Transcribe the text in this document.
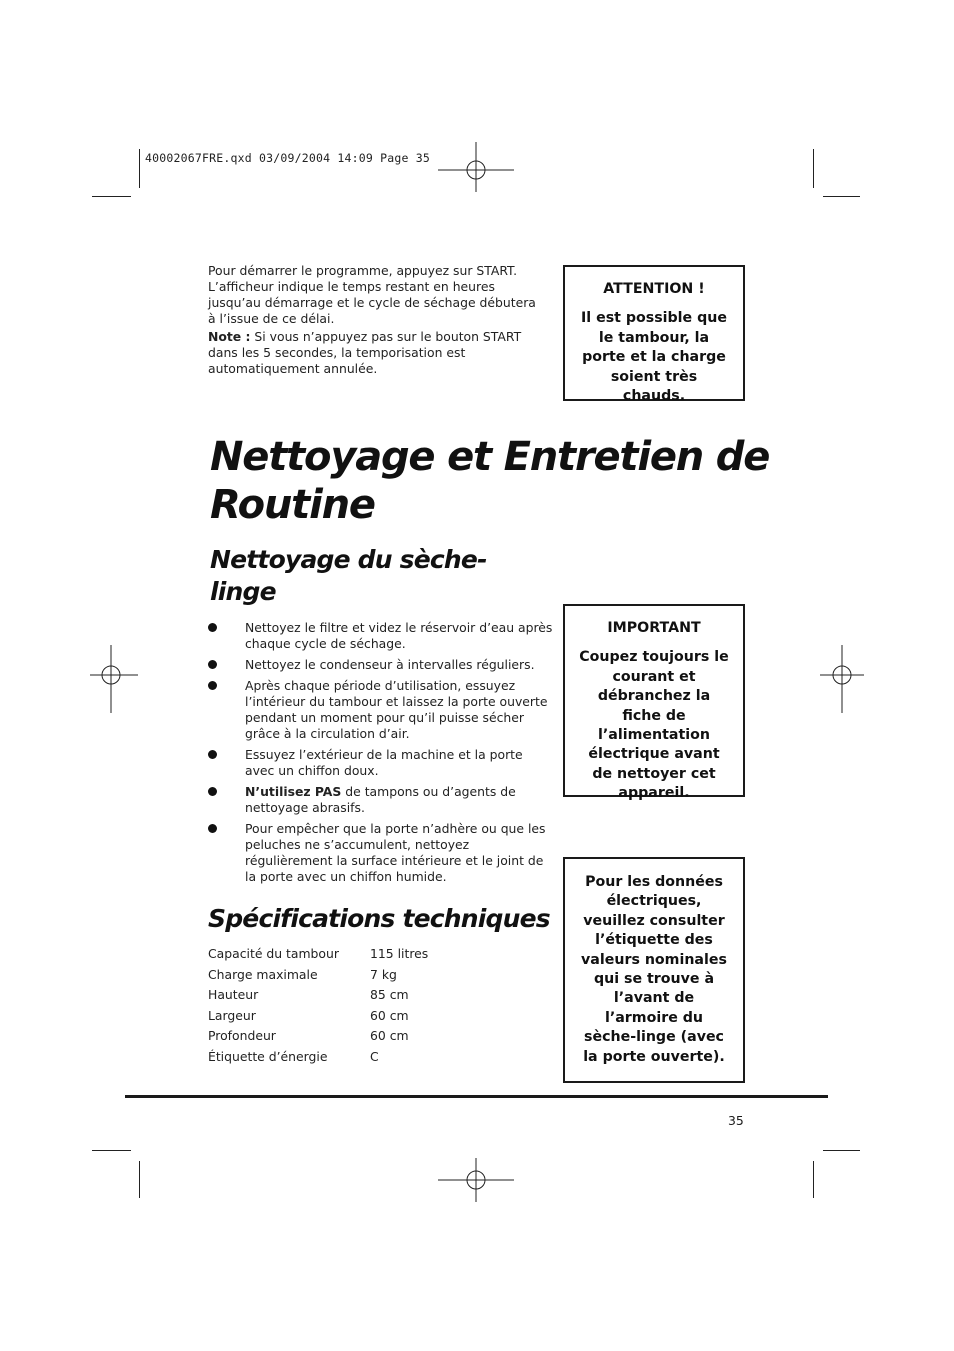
40002067FRE.qxd 03/09/2004 14:09 Page 35

Pour démarrer le programme, appuyez sur START. L’afficheur indique le temps restant en heures jusqu’au démarrage et le cycle de séchage débutera à l’issue de ce délai.

Note : Si vous n’appuyez pas sur le bouton START dans les 5 secondes, la temporisation est automatiquement annulée.

ATTENTION !
Il est possible que le tambour, la porte et la charge soient très chauds.
Nettoyage et Entretien de Routine
Nettoyage du sèche-linge
Nettoyez le filtre et videz le réservoir d’eau après chaque cycle de séchage.
Nettoyez le condenseur à intervalles réguliers.
Après chaque période d’utilisation, essuyez l’intérieur du tambour et laissez la porte ouverte pendant un moment pour qu’il puisse sécher grâce à la circulation d’air.
Essuyez l’extérieur de la machine et la porte avec un chiffon doux.
N’utilisez PAS de tampons ou d’agents de nettoyage abrasifs.
Pour empêcher que la porte n’adhère ou que les peluches ne s’accumulent, nettoyez régulièrement la surface intérieure et le joint de la porte avec un chiffon humide.
IMPORTANT
Coupez toujours le courant et débranchez la fiche de l’alimentation électrique avant de nettoyer cet appareil.
Spécifications techniques
Capacité du tambour	115 litres
Charge maximale	7 kg
Hauteur	85 cm
Largeur	60 cm
Profondeur	60 cm
Étiquette d’énergie	C
Pour les données électriques, veuillez consulter l’étiquette des valeurs nominales qui se trouve à l’avant de l’armoire du sèche-linge (avec la porte ouverte).
35
